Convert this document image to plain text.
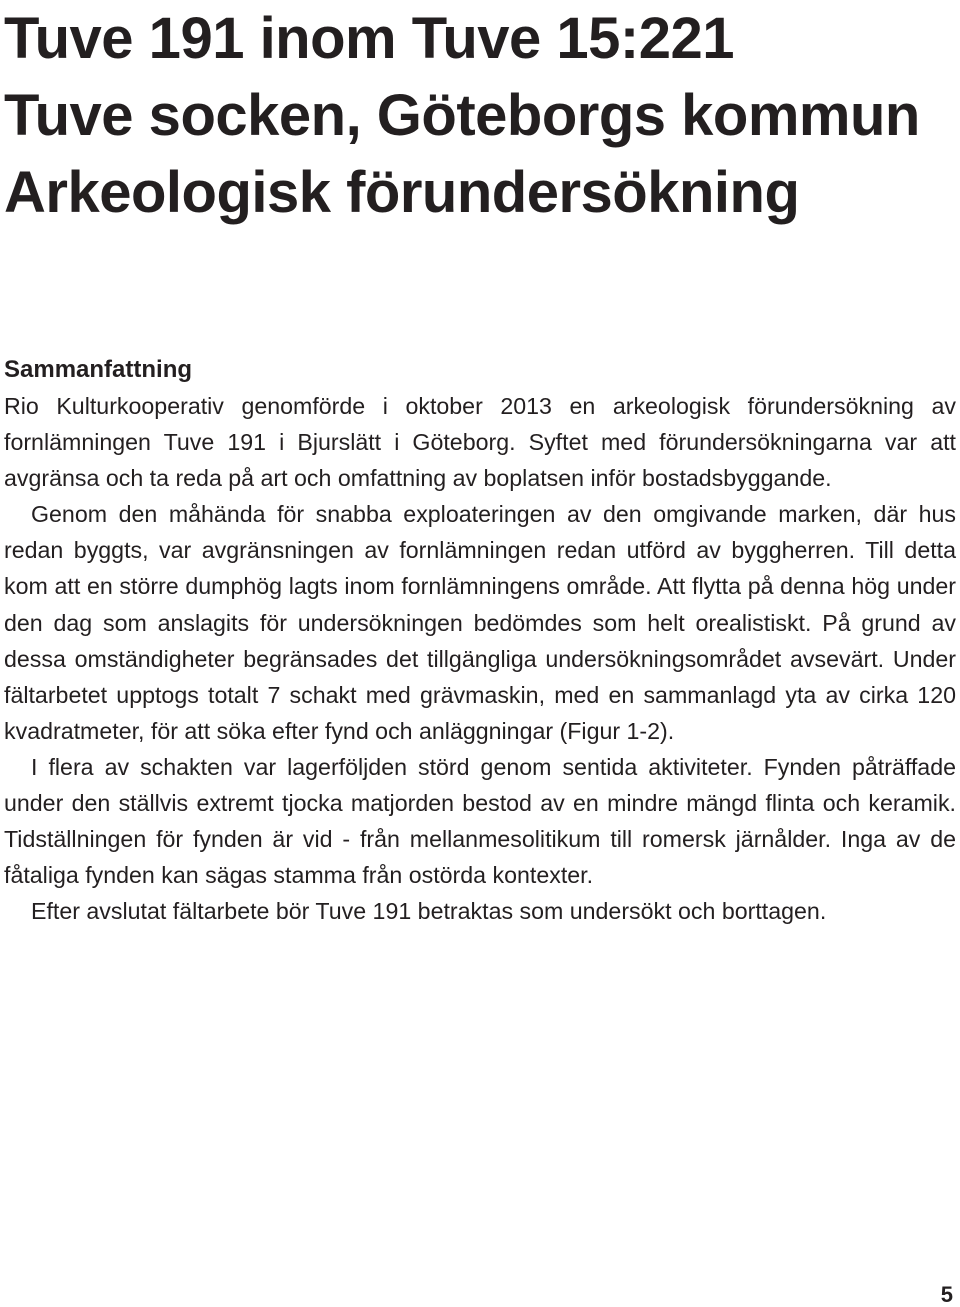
Tuve 191 inom Tuve 15:221
Tuve socken, Göteborgs kommun
Arkeologisk förundersökning
Sammanfattning

Rio Kulturkooperativ genomförde i oktober 2013 en arkeologisk förundersökning av fornlämningen Tuve 191 i Bjurslätt i Göteborg. Syftet med förundersökningarna var att avgränsa och ta reda på art och omfattning av boplatsen inför bostadsbyggande.

Genom den måhända för snabba exploateringen av den omgivande marken, där hus redan byggts, var avgränsningen av fornlämningen redan utförd av byggherren. Till detta kom att en större dumphög lagts inom fornlämningens område. Att flytta på denna hög under den dag som anslagits för undersökningen bedömdes som helt orealistiskt. På grund av dessa omständigheter begränsades det tillgängliga undersökningsområdet avsevärt. Under fältarbetet upptogs totalt 7 schakt med grävmaskin, med en sammanlagd yta av cirka 120 kvadratmeter, för att söka efter fynd och anläggningar (Figur 1-2).

I flera av schakten var lagerföljden störd genom sentida aktiviteter. Fynden påträffade under den ställvis extremt tjocka matjorden bestod av en mindre mängd flinta och keramik. Tidställningen för fynden är vid - från mellanmesolitikum till romersk järnålder. Inga av de fåtaliga fynden kan sägas stamma från ostörda kontexter.

Efter avslutat fältarbete bör Tuve 191 betraktas som undersökt och borttagen.

5
